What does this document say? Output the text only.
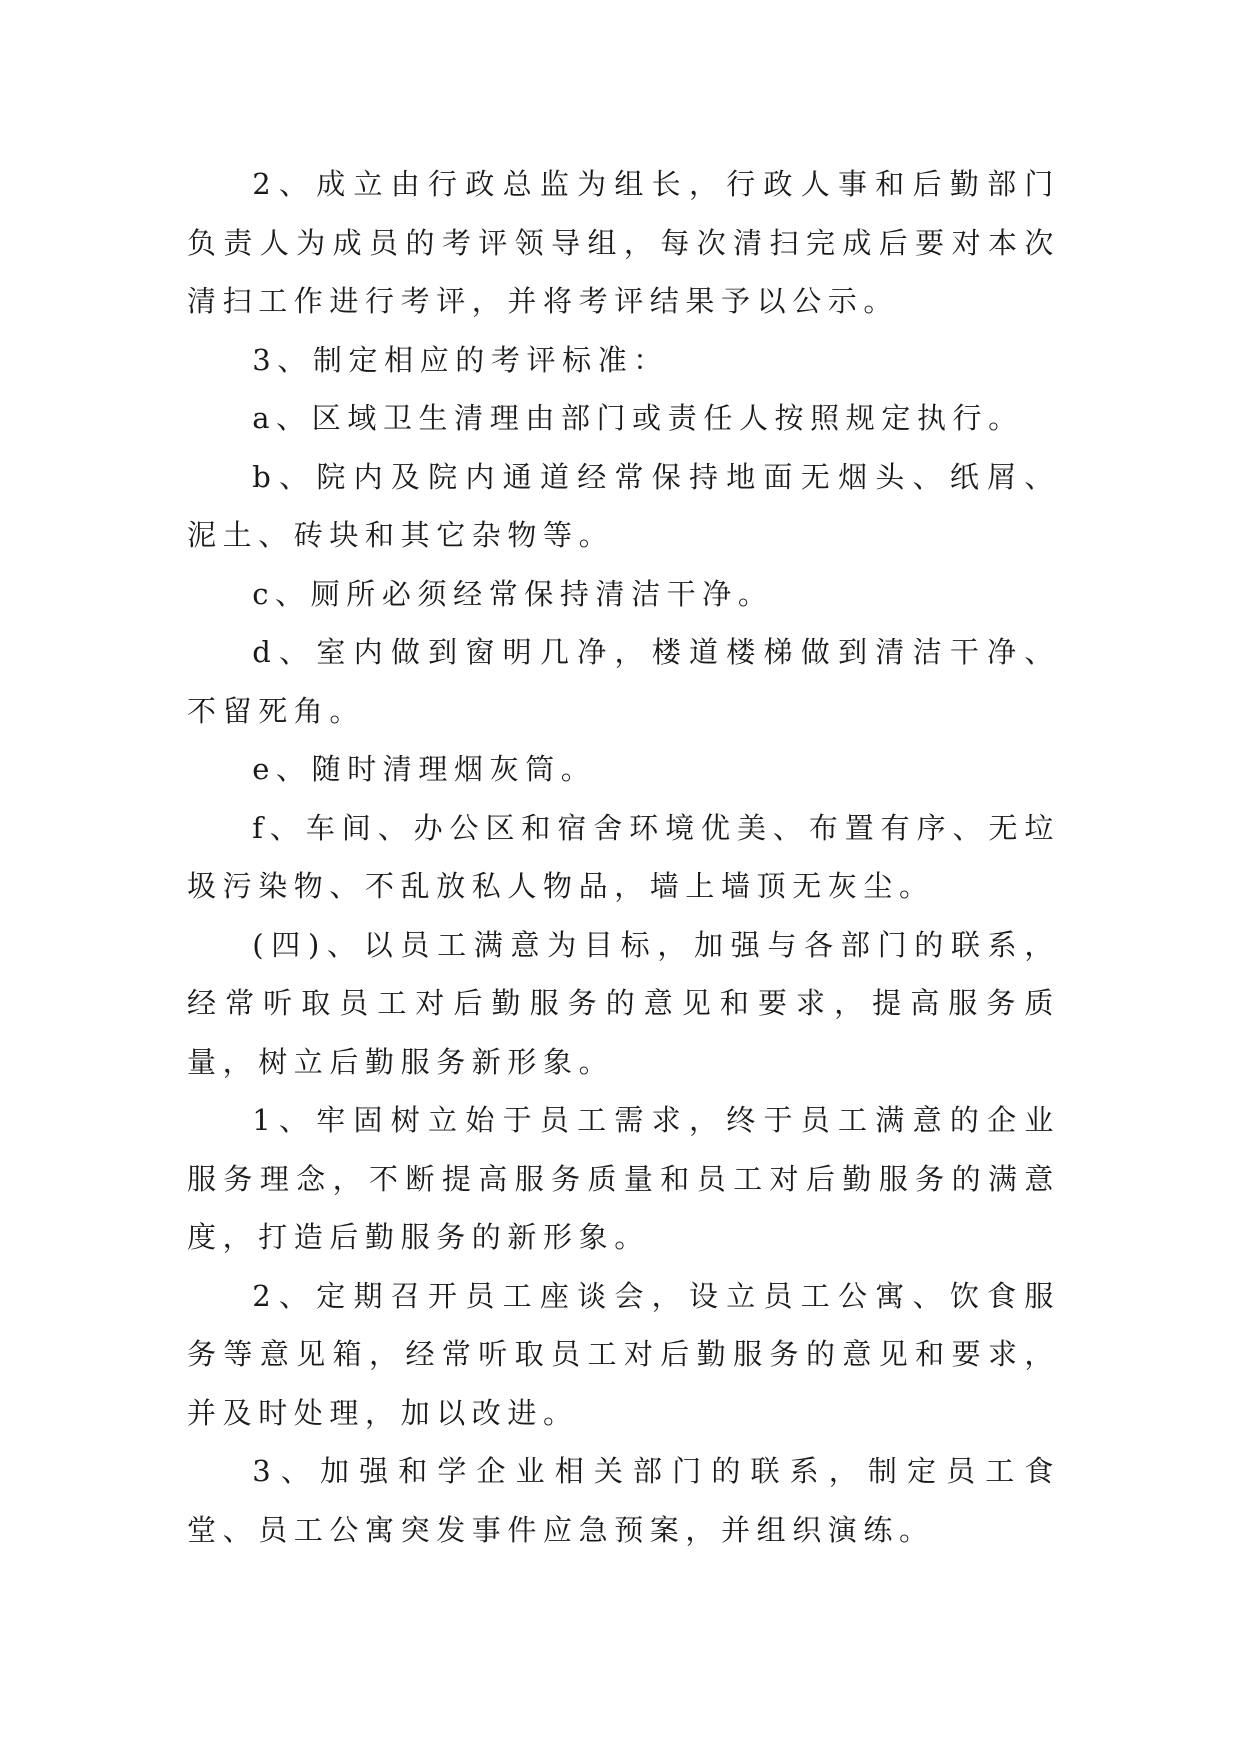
2、成立由行政总监为组长，行政人事和后勤部门负责人为成员的考评领导组，每次清扫完成后要对本次清扫工作进行考评，并将考评结果予以公示。

3、制定相应的考评标准：

a、区域卫生清理由部门或责任人按照规定执行。

b、院内及院内通道经常保持地面无烟头、纸屑、泥土、砖块和其它杂物等。

c、厕所必须经常保持清洁干净。

d、室内做到窗明几净，楼道楼梯做到清洁干净、不留死角。

e、随时清理烟灰筒。

f、车间、办公区和宿舍环境优美、布置有序、无垃圾污染物、不乱放私人物品，墙上墙顶无灰尘。

(四)、以员工满意为目标，加强与各部门的联系，经常听取员工对后勤服务的意见和要求，提高服务质量，树立后勤服务新形象。

1、牢固树立始于员工需求，终于员工满意的企业服务理念，不断提高服务质量和员工对后勤服务的满意度，打造后勤服务的新形象。

2、定期召开员工座谈会，设立员工公寓、饮食服务等意见箱，经常听取员工对后勤服务的意见和要求，并及时处理，加以改进。

3、加强和学企业相关部门的联系，制定员工食堂、员工公寓突发事件应急预案，并组织演练。
